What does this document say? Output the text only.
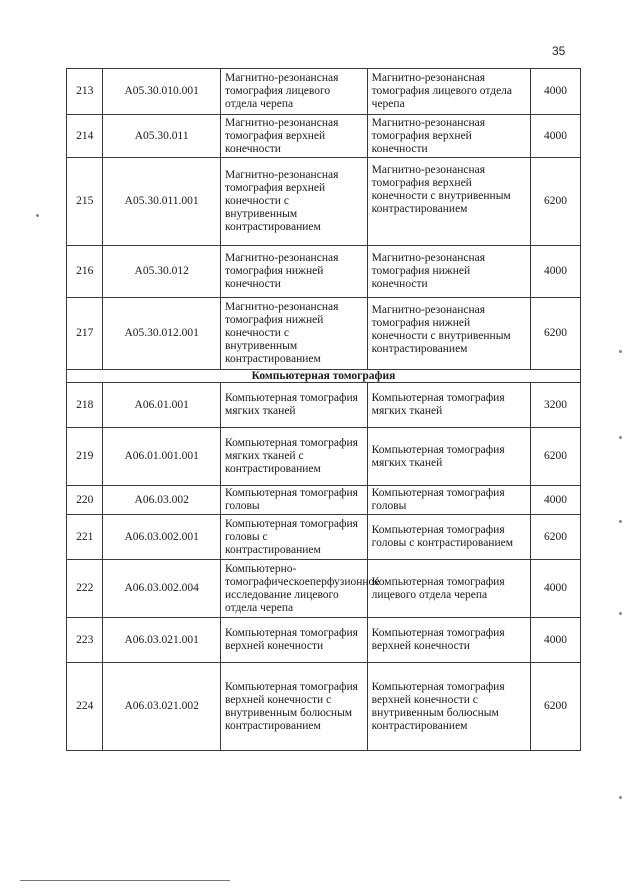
35
213	A05.30.010.001	Магнитно-резонансная томография лицевого отдела черепа	Магнитно-резонансная томография лицевого отдела черепа	4000
214	A05.30.011	Магнитно-резонансная томография верхней конечности	Магнитно-резонансная томография верхней конечности	4000
215	A05.30.011.001	Магнитно-резонансная томография верхней конечности с внутривенным контрастированием	Магнитно-резонансная томография верхней конечности с внутривенным контрастированием	6200
216	A05.30.012	Магнитно-резонансная томография нижней конечности	Магнитно-резонансная томография нижней конечности	4000
217	A05.30.012.001	Магнитно-резонансная томография нижней конечности с внутривенным контрастированием	Магнитно-резонансная томография нижней конечности с внутривенным контрастированием	6200
Компьютерная томография				
218	A06.01.001	Компьютерная томография мягких тканей	Компьютерная томография мягких тканей	3200
219	A06.01.001.001	Компьютерная томография мягких тканей с контрастированием	Компьютерная томография мягких тканей	6200
220	A06.03.002	Компьютерная томография головы	Компьютерная томография головы	4000
221	A06.03.002.001	Компьютерная томография головы с контрастированием	Компьютерная томография головы с контрастированием	6200
222	A06.03.002.004	Компьютерно-томографическоеперфузионное исследование лицевого отдела черепа	Компьютерная томография лицевого отдела черепа	4000
223	A06.03.021.001	Компьютерная томография верхней конечности	Компьютерная томография верхней конечности	4000
224	A06.03.021.002	Компьютерная томография верхней конечности с внутривенным болюсным контрастированием	Компьютерная томография верхней конечности с внутривенным болюсным контрастированием	6200
